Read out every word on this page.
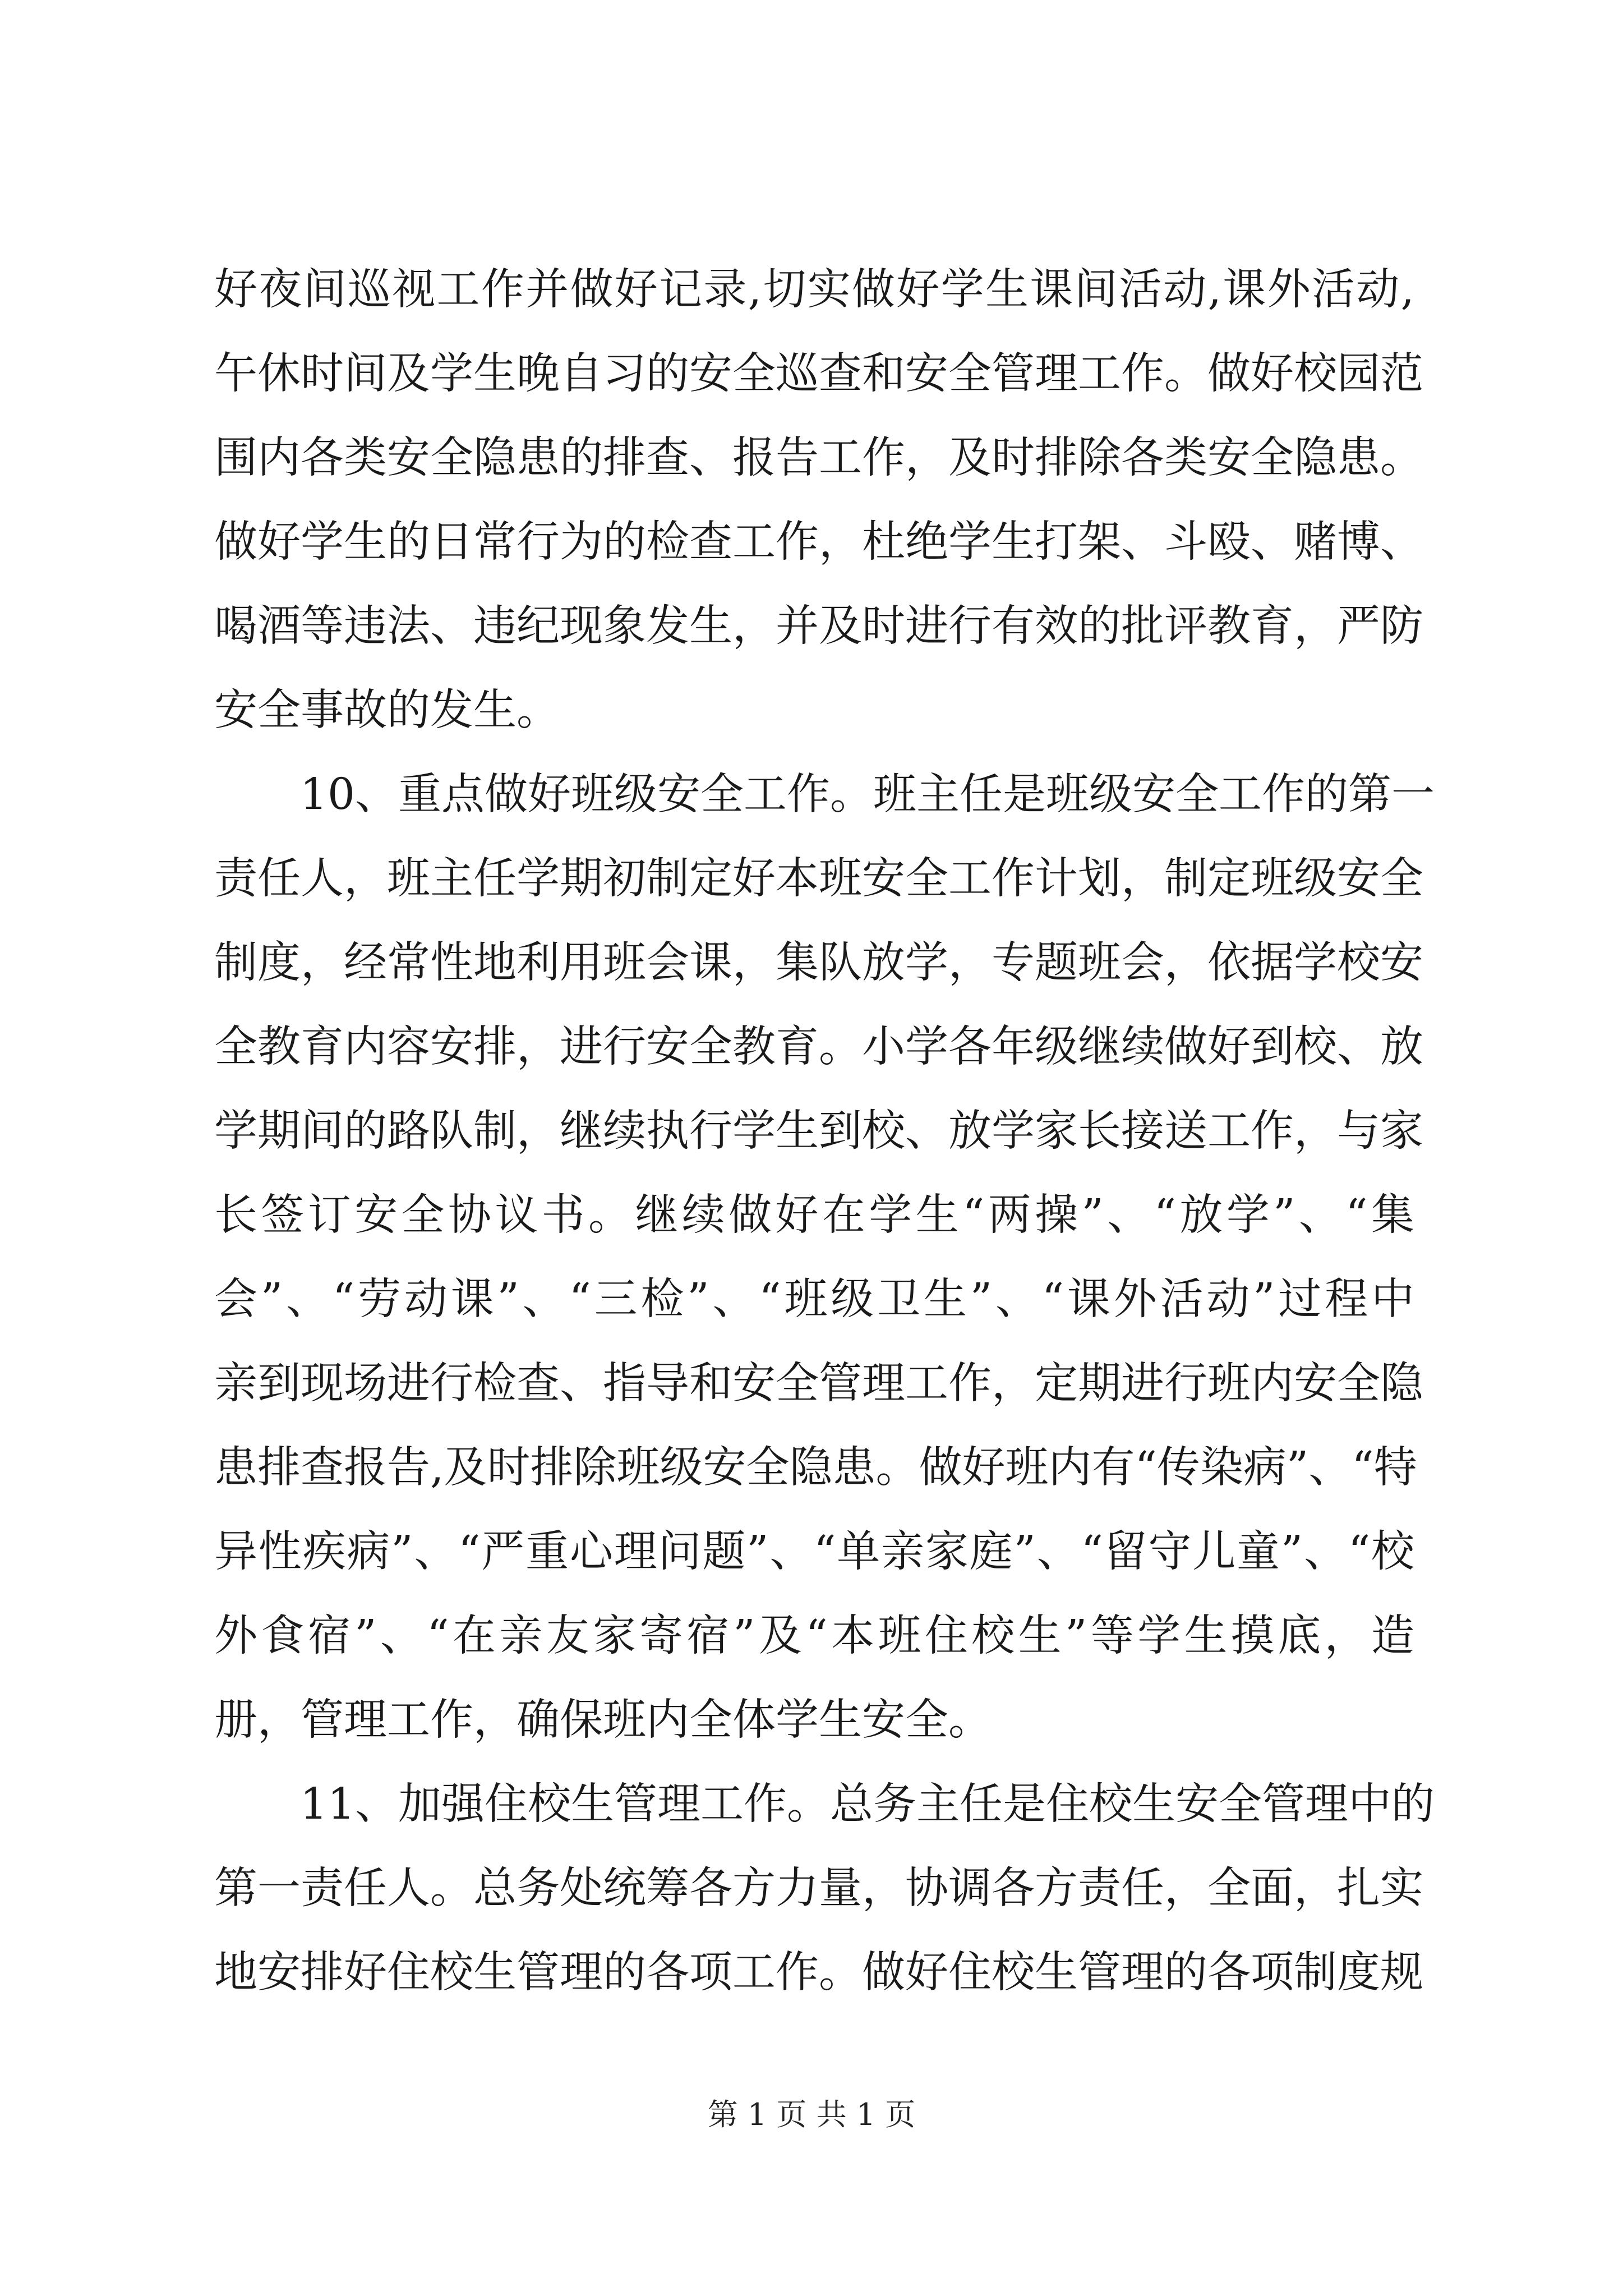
好夜间巡视工作并做好记录,切实做好学生课间活动,课外活动,
午休时间及学生晚自习的安全巡查和安全管理工作。做好校园范
围内各类安全隐患的排查、报告工作，及时排除各类安全隐患。
做好学生的日常行为的检查工作，杜绝学生打架、斗殴、赌博、
喝酒等违法、违纪现象发生，并及时进行有效的批评教育，严防
安全事故的发生。
10、重点做好班级安全工作。班主任是班级安全工作的第一
责任人，班主任学期初制定好本班安全工作计划，制定班级安全
制度，经常性地利用班会课，集队放学，专题班会，依据学校安
全教育内容安排，进行安全教育。小学各年级继续做好到校、放
学期间的路队制，继续执行学生到校、放学家长接送工作，与家
长签订安全协议书。继续做好在学生“两操”、“放学”、“集
会”、“劳动课”、“三检”、“班级卫生”、“课外活动”过程中
亲到现场进行检查、指导和安全管理工作，定期进行班内安全隐
患排查报告,及时排除班级安全隐患。做好班内有“传染病”、“特
异性疾病”、“严重心理问题”、“单亲家庭”、“留守儿童”、“校
外食宿”、“在亲友家寄宿”及“本班住校生”等学生摸底，造
册，管理工作，确保班内全体学生安全。
11、加强住校生管理工作。总务主任是住校生安全管理中的
第一责任人。总务处统筹各方力量，协调各方责任，全面，扎实
地安排好住校生管理的各项工作。做好住校生管理的各项制度规
第 1 页 共 1 页
